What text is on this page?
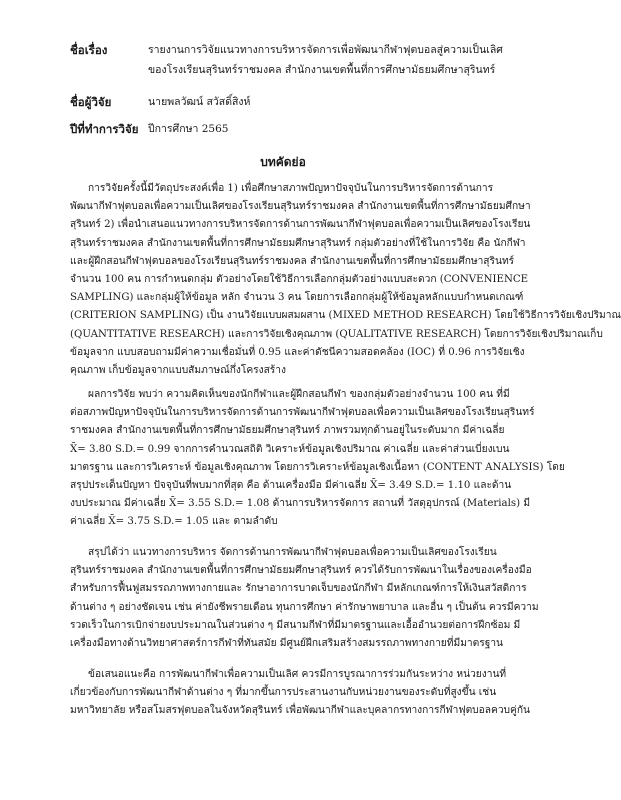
ชื่อเรื่อง	รายงานการวิจัยแนวทางการบริหารจัดการเพื่อพัฒนากีฬาฟุตบอลสู่ความเป็นเลิศ
ของโรงเรียนสุรินทร์ราชมงคล สำนักงานเขตพื้นที่การศึกษามัธยมศึกษาสุรินทร์
ชื่อผู้วิจัย	นายพลวัฒน์ สวัสดิ์สิงห์
ปีที่ทำการวิจัย ปีการศึกษา 2565
บทคัดย่อ
การวิจัยครั้งนี้มีวัตถุประสงค์เพื่อ 1) เพื่อศึกษาสภาพปัญหาปัจจุบันในการบริหารจัดการด้านการ
พัฒนากีฬาฟุตบอลเพื่อความเป็นเลิศของโรงเรียนสุรินทร์ราชมงคล สำนักงานเขตพื้นที่การศึกษามัธยมศึกษา
สุรินทร์ 2) เพื่อนำเสนอแนวทางการบริหารจัดการด้านการพัฒนากีฬาฟุตบอลเพื่อความเป็นเลิศของโรงเรียน
สุรินทร์ราชมงคล สำนักงานเขตพื้นที่การศึกษามัธยมศึกษาสุรินทร์ กลุ่มตัวอย่างที่ใช้ในการวิจัย คือ นักกีฬา
และผู้ฝึกสอนกีฬาฟุตบอลของโรงเรียนสุรินทร์ราชมงคล สำนักงานเขตพื้นที่การศึกษามัธยมศึกษาสุรินทร์
จำนวน 100 คน การกำหนดกลุ่ม ตัวอย่างโดยใช้วิธีการเลือกกลุ่มตัวอย่างแบบสะดวก (CONVENIENCE
SAMPLING) และกลุ่มผู้ให้ข้อมูล หลัก จำนวน 3 คน โดยการเลือกกลุ่มผู้ให้ข้อมูลหลักแบบกำหนดเกณฑ์
(CRITERION SAMPLING) เป็น งานวิจัยแบบผสมผสาน (MIXED METHOD RESEARCH) โดยใช้วิธีการวิจัยเชิงปริมาณ
(QUANTITATIVE RESEARCH) และการวิจัยเชิงคุณภาพ (QUALITATIVE RESEARCH) โดยการวิจัยเชิงปริมาณเก็บ
ข้อมูลจาก แบบสอบถามมีค่าความเชื่อมั่นที่ 0.95 และค่าดัชนีความสอดคล้อง (IOC) ที่ 0.96 การวิจัยเชิง
คุณภาพ เก็บข้อมูลจากแบบสัมภาษณ์กึ่งโครงสร้าง
ผลการวิจัย พบว่า ความคิดเห็นของนักกีฬาและผู้ฝึกสอนกีฬา ของกลุ่มตัวอย่างจำนวน 100 คน ที่มี
ต่อสภาพปัญหาปัจจุบันในการบริหารจัดการด้านการพัฒนากีฬาฟุตบอลเพื่อความเป็นเลิศของโรงเรียนสุรินทร์
ราชมงคล สำนักงานเขตพื้นที่การศึกษามัธยมศึกษาสุรินทร์ ภาพรวมทุกด้านอยู่ในระดับมาก มีค่าเฉลี่ย
X̄= 3.80 S.D.= 0.99 จากการคำนวณสถิติ วิเคราะห์ข้อมูลเชิงปริมาณ ค่าเฉลี่ย และค่าส่วนเบี่ยงเบน
มาตรฐาน และการวิเคราะห์ ข้อมูลเชิงคุณภาพ โดยการวิเคราะห์ข้อมูลเชิงเนื้อหา (CONTENT ANALYSIS) โดย
สรุปประเด็นปัญหา ปัจจุบันที่พบมากที่สุด คือ ด้านเครื่องมือ มีค่าเฉลี่ย X̄= 3.49 S.D.= 1.10 และด้าน
งบประมาณ มีค่าเฉลี่ย X̄= 3.55 S.D.= 1.08 ด้านการบริหารจัดการ สถานที่ วัสดุอุปกรณ์ (Materials) มี
ค่าเฉลี่ย X̄= 3.75 S.D.= 1.05 และ ตามลำดับ
สรุปได้ว่า แนวทางการบริหาร จัดการด้านการพัฒนากีฬาฟุตบอลเพื่อความเป็นเลิศของโรงเรียน
สุรินทร์ราชมงคล สำนักงานเขตพื้นที่การศึกษามัธยมศึกษาสุรินทร์ ควรได้รับการพัฒนาในเรื่องของเครื่องมือ
สำหรับการฟื้นฟูสมรรถภาพทางกายและ รักษาอาการบาดเจ็บของนักกีฬา มีหลักเกณฑ์การให้เงินสวัสดิการ
ด้านต่าง ๆ อย่างชัดเจน เช่น ค่ายังชีพรายเดือน ทุนการศึกษา ค่ารักษาพยาบาล และอื่น ๆ เป็นต้น ควรมีความ
รวดเร็วในการเบิกจ่ายงบประมาณในส่วนต่าง ๆ มีสนามกีฬาที่มีมาตรฐานและเอื้ออำนวยต่อการฝึกซ้อม มี
เครื่องมือทางด้านวิทยาศาสตร์การกีฬาที่ทันสมัย มีศูนย์ฝึกเสริมสร้างสมรรถภาพทางกายที่มีมาตรฐาน
ข้อเสนอแนะคือ การพัฒนากีฬาเพื่อความเป็นเลิศ ควรมีการบูรณาการร่วมกันระหว่าง หน่วยงานที่
เกี่ยวข้องกับการพัฒนากีฬาด้านต่าง ๆ ที่มากขึ้นการประสานงานกับหน่วยงานของระดับที่สูงขึ้น เช่น
มหาวิทยาลัย หรือสโมสรฟุตบอลในจังหวัดสุรินทร์ เพื่อพัฒนากีฬาและบุคลากรทางการกีฬาฟุตบอลควบคู่กัน
